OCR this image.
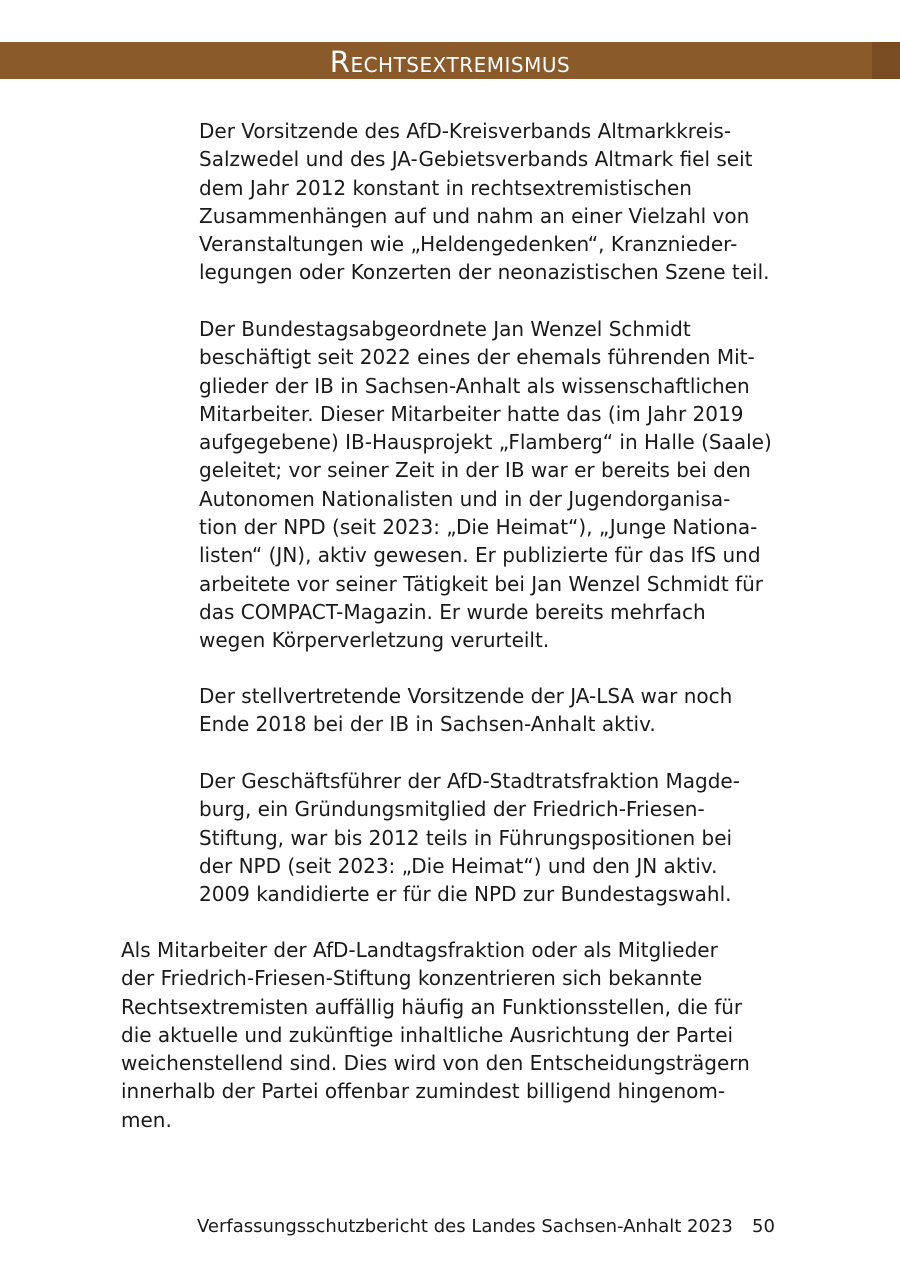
Rechtsextremismus

Der Vorsitzende des AfD-Kreisverbands Altmarkkreis-
Salzwedel und des JA-Gebietsverbands Altmark fiel seit
dem Jahr 2012 konstant in rechtsextremistischen
Zusammenhängen auf und nahm an einer Vielzahl von
Veranstaltungen wie „Heldengedenken“, Kranznieder-
legungen oder Konzerten der neonazistischen Szene teil.

Der Bundestagsabgeordnete Jan Wenzel Schmidt
beschäftigt seit 2022 eines der ehemals führenden Mit-
glieder der IB in Sachsen-Anhalt als wissenschaftlichen
Mitarbeiter. Dieser Mitarbeiter hatte das (im Jahr 2019
aufgegebene) IB-Hausprojekt „Flamberg“ in Halle (Saale)
geleitet; vor seiner Zeit in der IB war er bereits bei den
Autonomen Nationalisten und in der Jugendorganisa-
tion der NPD (seit 2023: „Die Heimat“), „Junge Nationa-
listen“ (JN), aktiv gewesen. Er publizierte für das IfS und
arbeitete vor seiner Tätigkeit bei Jan Wenzel Schmidt für
das COMPACT-Magazin. Er wurde bereits mehrfach
wegen Körperverletzung verurteilt.

Der stellvertretende Vorsitzende der JA-LSA war noch
Ende 2018 bei der IB in Sachsen-Anhalt aktiv.

Der Geschäftsführer der AfD-Stadtratsfraktion Magde-
burg, ein Gründungsmitglied der Friedrich-Friesen-
Stiftung, war bis 2012 teils in Führungspositionen bei
der NPD (seit 2023: „Die Heimat“) und den JN aktiv.
2009 kandidierte er für die NPD zur Bundestagswahl.

Als Mitarbeiter der AfD-Landtagsfraktion oder als Mitglieder
der Friedrich-Friesen-Stiftung konzentrieren sich bekannte
Rechtsextremisten auffällig häufig an Funktionsstellen, die für
die aktuelle und zukünftige inhaltliche Ausrichtung der Partei
weichenstellend sind. Dies wird von den Entscheidungsträgern
innerhalb der Partei offenbar zumindest billigend hingenom-
men.

Verfassungsschutzbericht des Landes Sachsen-Anhalt 2023 50
